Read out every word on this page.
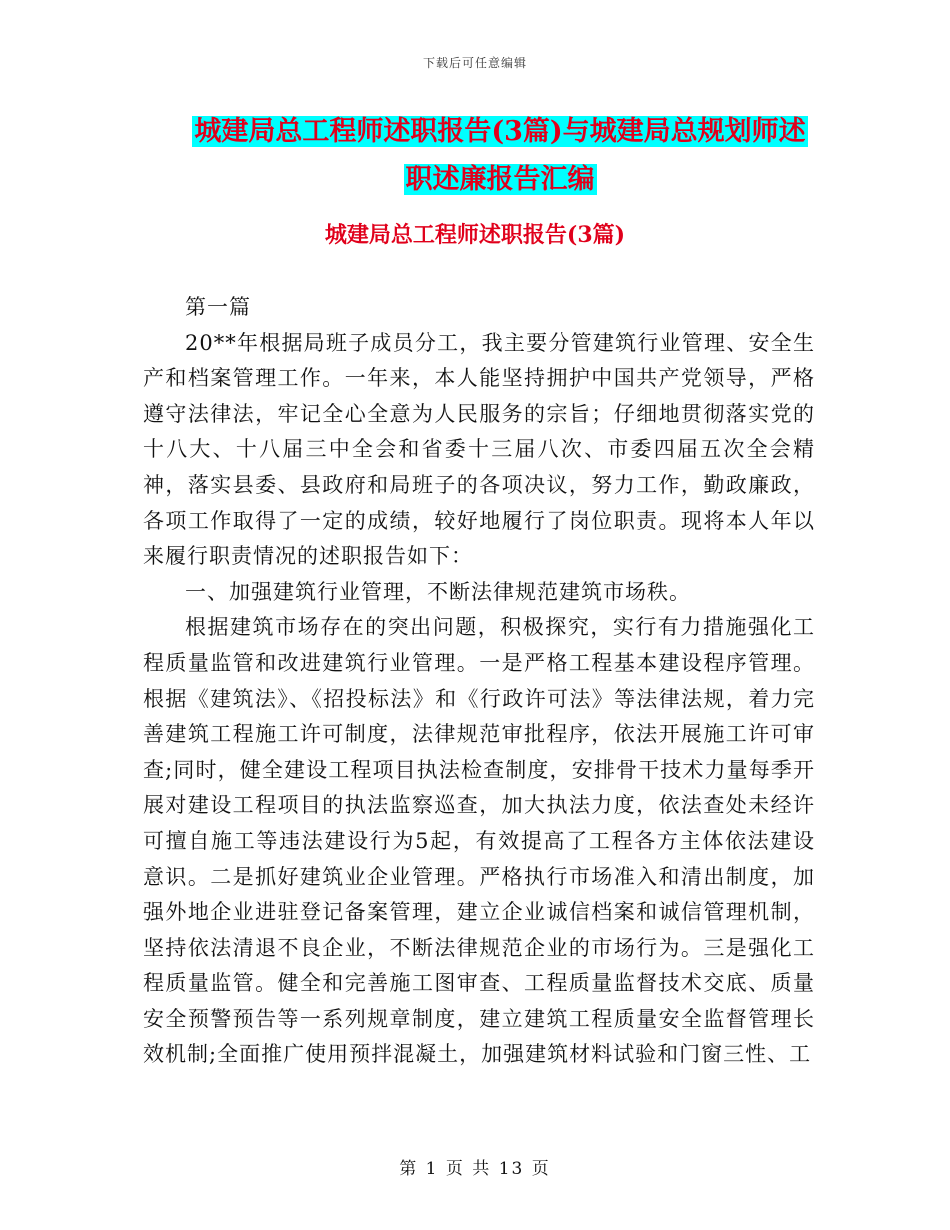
下载后可任意编辑
城建局总工程师述职报告(3篇)与城建局总规划师述
职述廉报告汇编
城建局总工程师述职报告(3篇)

第一篇

20**年根据局班子成员分工，我主要分管建筑行业管理、安全生产和档案管理工作。一年来，本人能坚持拥护中国共产党领导，严格遵守法律法，牢记全心全意为人民服务的宗旨；仔细地贯彻落实党的十八大、十八届三中全会和省委十三届八次、市委四届五次全会精神，落实县委、县政府和局班子的各项决议，努力工作，勤政廉政，各项工作取得了一定的成绩，较好地履行了岗位职责。现将本人年以来履行职责情况的述职报告如下：

一、加强建筑行业管理，不断法律规范建筑市场秩。

根据建筑市场存在的突出问题，积极探究，实行有力措施强化工程质量监管和改进建筑行业管理。一是严格工程基本建设程序管理。根据《建筑法》、《招投标法》和《行政许可法》等法律法规，着力完善建筑工程施工许可制度，法律规范审批程序，依法开展施工许可审查;同时，健全建设工程项目执法检查制度，安排骨干技术力量每季开展对建设工程项目的执法监察巡查，加大执法力度，依法查处未经许可擅自施工等违法建设行为5起，有效提高了工程各方主体依法建设意识。二是抓好建筑业企业管理。严格执行市场准入和清出制度，加强外地企业进驻登记备案管理，建立企业诚信档案和诚信管理机制，坚持依法清退不良企业，不断法律规范企业的市场行为。三是强化工程质量监管。健全和完善施工图审查、工程质量监督技术交底、质量安全预警预告等一系列规章制度，建立建筑工程质量安全监督管理长效机制;全面推广使用预拌混凝土，加强建筑材料试验和门窗三性、工

第 1 页 共 13 页
